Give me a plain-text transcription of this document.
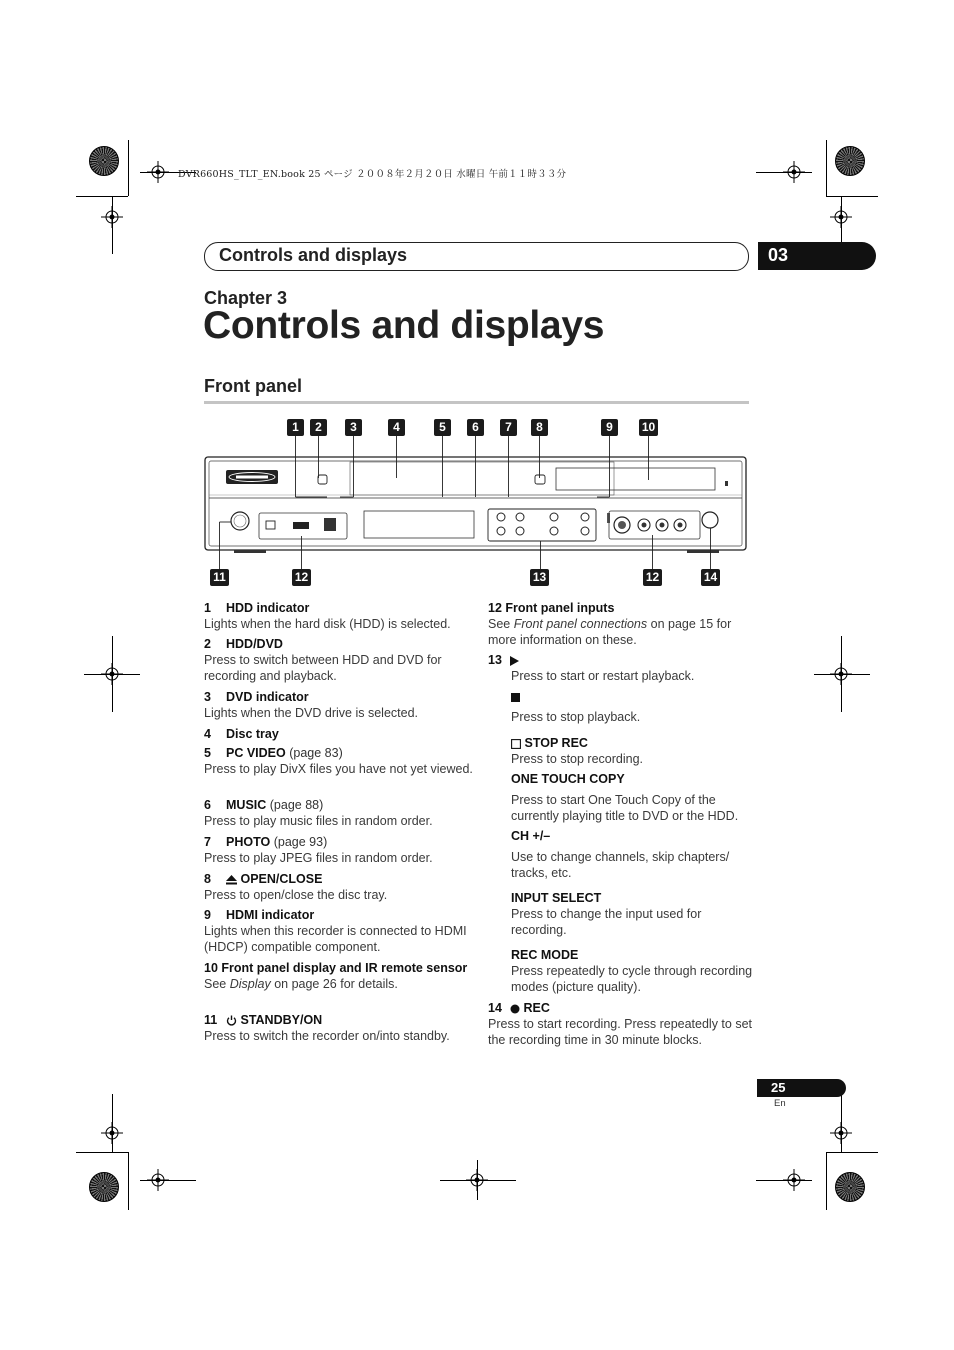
DVR660HS_TLT_EN.book 25 ページ ２００８年２月２０日 水曜日 午前１１時３３分
Controls and displays	03
Chapter 3
Controls and displays
Front panel
1	2	3	4	5	6	7	8	9	10
11	12	13	12	14
1 HDD indicator
Lights when the hard disk (HDD) is selected.
2 HDD/DVD
Press to switch between HDD and DVD for recording and playback.
3 DVD indicator
Lights when the DVD drive is selected.
4 Disc tray
5 PC VIDEO (page 83)
Press to play DivX files you have not yet viewed.
6 MUSIC (page 88)
Press to play music files in random order.
7 PHOTO (page 93)
Press to play JPEG files in random order.
8 OPEN/CLOSE
Press to open/close the disc tray.
9 HDMI indicator
Lights when this recorder is connected to HDMI (HDCP) compatible component.
10 Front panel display and IR remote sensor
See Display on page 26 for details.
11 STANDBY/ON
Press to switch the recorder on/into standby.
12 Front panel inputs
See Front panel connections on page 15 for more information on these.
13
Press to start or restart playback.
Press to stop playback.
STOP REC
Press to stop recording.
ONE TOUCH COPY
Press to start One Touch Copy of the currently playing title to DVD or the HDD.
CH +/–
Use to change channels, skip chapters/ tracks, etc.
INPUT SELECT
Press to change the input used for recording.
REC MODE
Press repeatedly to cycle through recording modes (picture quality).
14 REC
Press to start recording. Press repeatedly to set the recording time in 30 minute blocks.
25
En
